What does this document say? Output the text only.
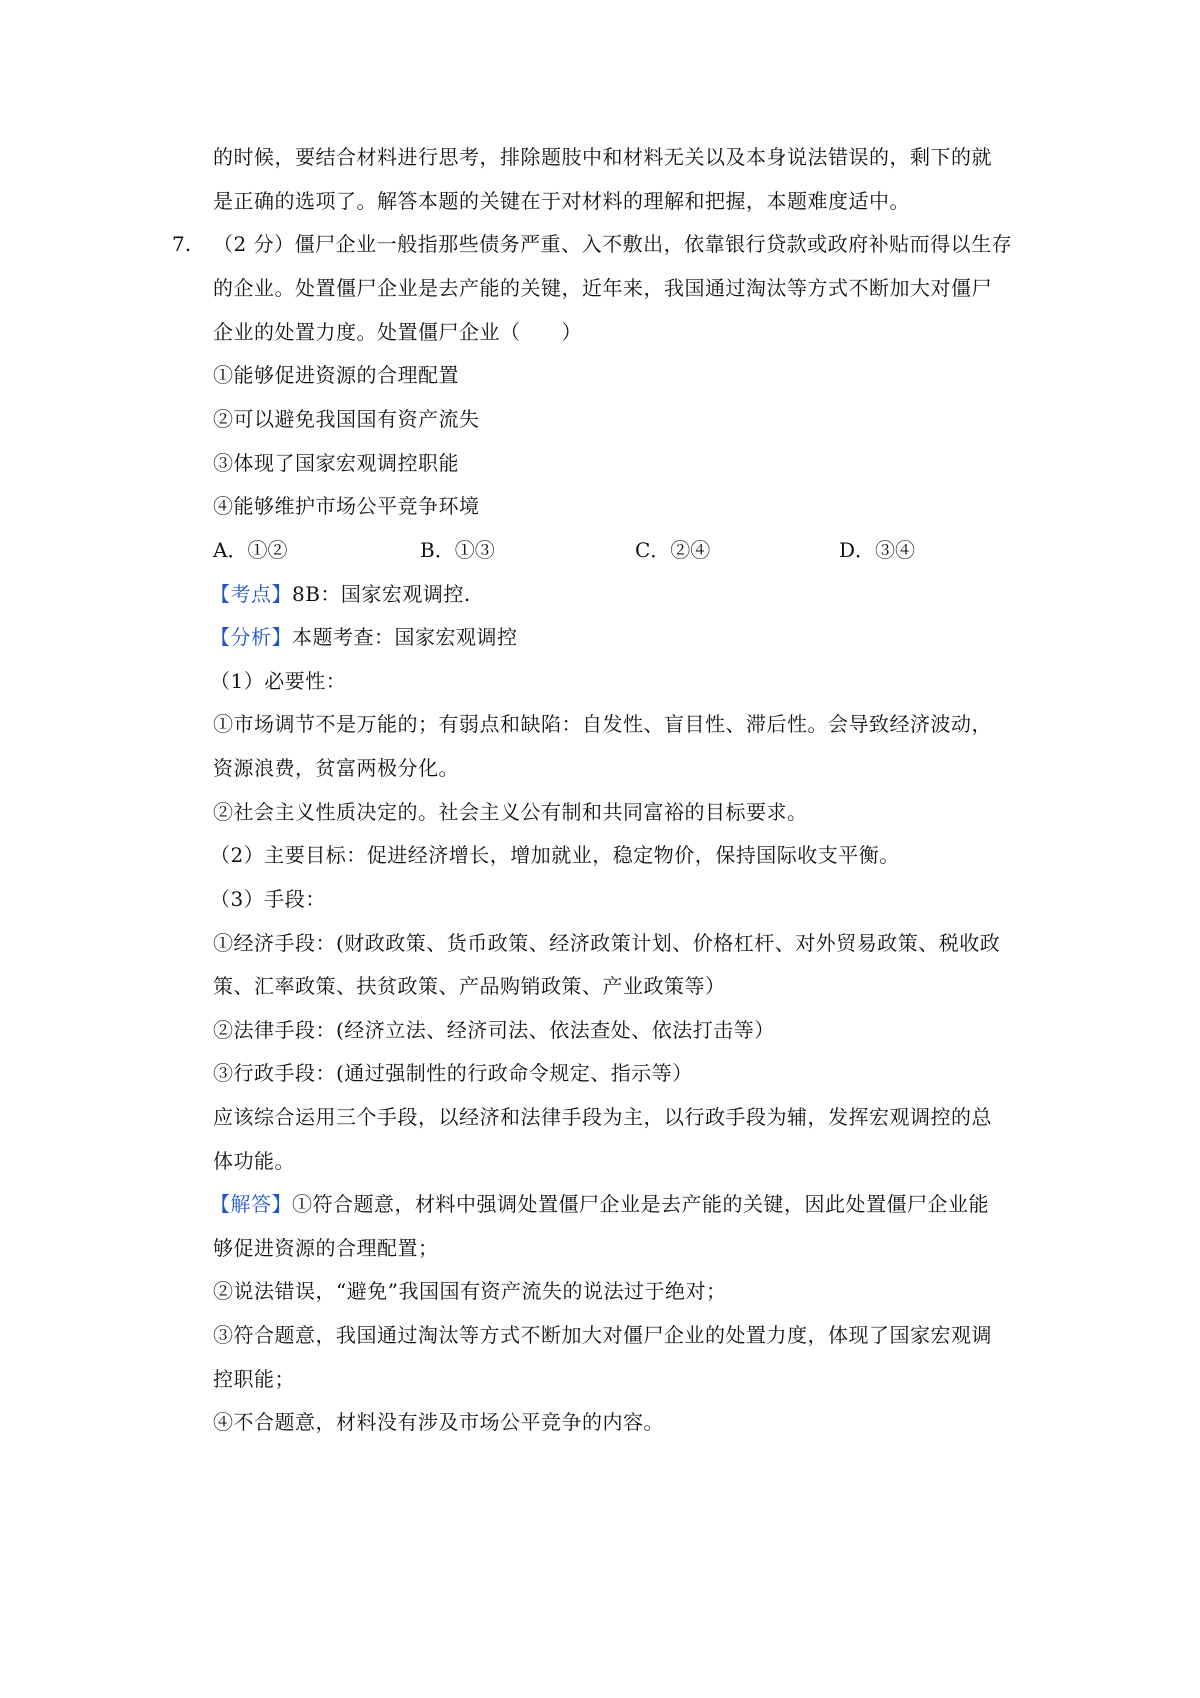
的时候，要结合材料进行思考，排除题肢中和材料无关以及本身说法错误的，剩下的就
是正确的选项了。解答本题的关键在于对材料的理解和把握，本题难度适中。
7. （2 分）僵尸企业一般指那些债务严重、入不敷出，依靠银行贷款或政府补贴而得以生存
的企业。处置僵尸企业是去产能的关键，近年来，我国通过淘汰等方式不断加大对僵尸
企业的处置力度。处置僵尸企业（　　）
①能够促进资源的合理配置
②可以避免我国国有资产流失
③体现了国家宏观调控职能
④能够维护市场公平竞争环境
A．①②	B．①③	C．②④	D．③④
【考点】8B：国家宏观调控.
【分析】本题考查：国家宏观调控
（1）必要性：
①市场调节不是万能的；有弱点和缺陷：自发性、盲目性、滞后性。会导致经济波动，
资源浪费，贫富两极分化。
②社会主义性质决定的。社会主义公有制和共同富裕的目标要求。
（2）主要目标：促进经济增长，增加就业，稳定物价，保持国际收支平衡。
（3）手段：
①经济手段：(财政政策、货币政策、经济政策计划、价格杠杆、对外贸易政策、税收政
策、汇率政策、扶贫政策、产品购销政策、产业政策等）
②法律手段：(经济立法、经济司法、依法查处、依法打击等）
③行政手段：(通过强制性的行政命令规定、指示等）
应该综合运用三个手段，以经济和法律手段为主，以行政手段为辅，发挥宏观调控的总
体功能。
【解答】①符合题意，材料中强调处置僵尸企业是去产能的关键，因此处置僵尸企业能
够促进资源的合理配置；
②说法错误，“避免”我国国有资产流失的说法过于绝对；
③符合题意，我国通过淘汰等方式不断加大对僵尸企业的处置力度，体现了国家宏观调
控职能；
④不合题意，材料没有涉及市场公平竞争的内容。
